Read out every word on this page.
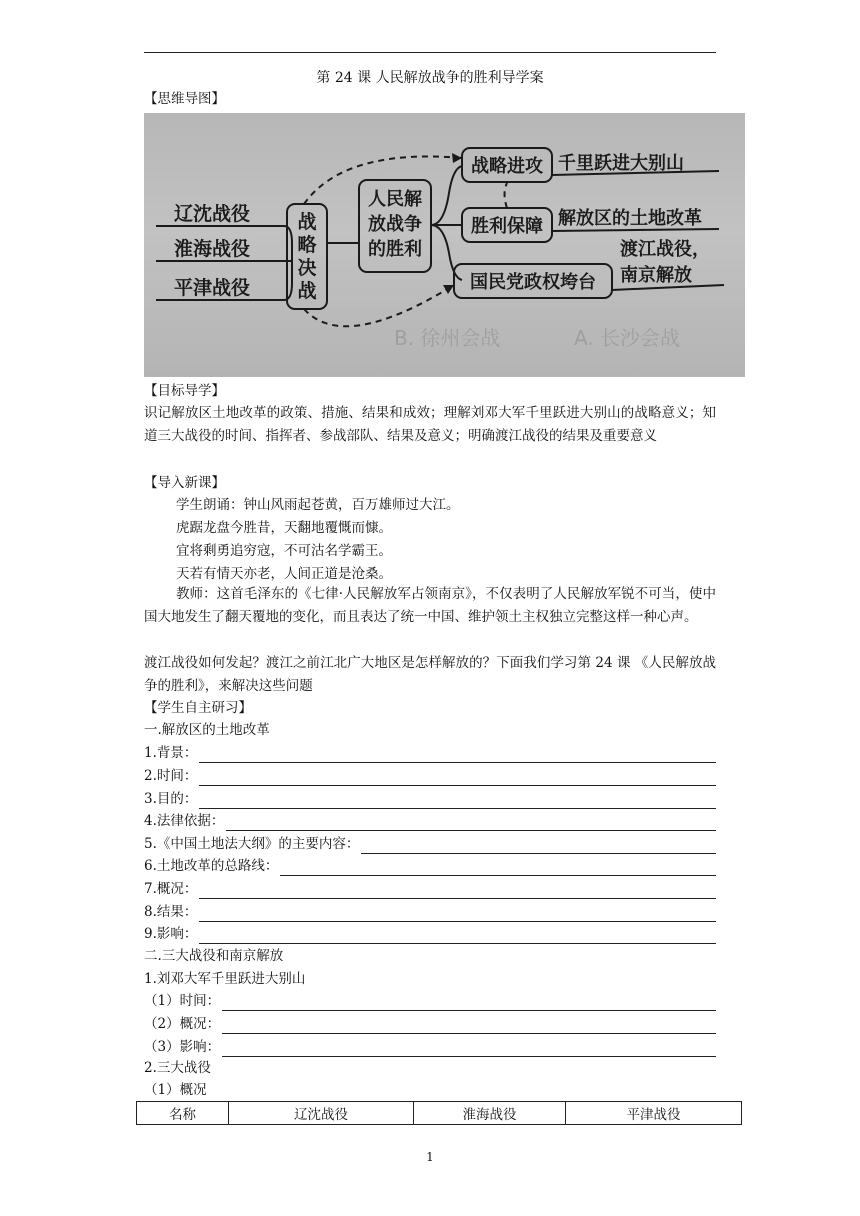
第 24 课 人民解放战争的胜利导学案
【思维导图】
A. 长沙会战
B. 徐州会战
辽沈战役
淮海战役
平津战役
战
略
决
战
人民解
放战争
的胜利
战略进攻
胜利保障
国民党政权垮台
千里跃进大别山
解放区的土地改革
渡江战役，
南京解放
【目标导学】
识记解放区土地改革的政策、措施、结果和成效；理解刘邓大军千里跃进大别山的战略意义；知道三大战役的时间、指挥者、参战部队、结果及意义；明确渡江战役的结果及重要意义
【导入新课】
学生朗诵：钟山风雨起苍黄，百万雄师过大江。
虎踞龙盘今胜昔，天翻地覆慨而慷。
宜将剩勇追穷寇，不可沽名学霸王。
天若有情天亦老，人间正道是沧桑。
教师：这首毛泽东的《七律·人民解放军占领南京》，不仅表明了人民解放军锐不可当，使中国大地发生了翻天覆地的变化，而且表达了统一中国、维护领土主权独立完整这样一种心声。
渡江战役如何发起？渡江之前江北广大地区是怎样解放的？下面我们学习第 24 课 《人民解放战争的胜利》，来解决这些问题
【学生自主研习】
一.解放区的土地改革
1.背景：
2.时间：
3.目的：
4.法律依据：
5.《中国土地法大纲》的主要内容：
6.土地改革的总路线：
7.概况：
8.结果：
9.影响：
二.三大战役和南京解放
1.刘邓大军千里跃进大别山
（1）时间：
（2）概况：
（3）影响：
2.三大战役
（1）概况
名称	辽沈战役	淮海战役	平津战役
1
